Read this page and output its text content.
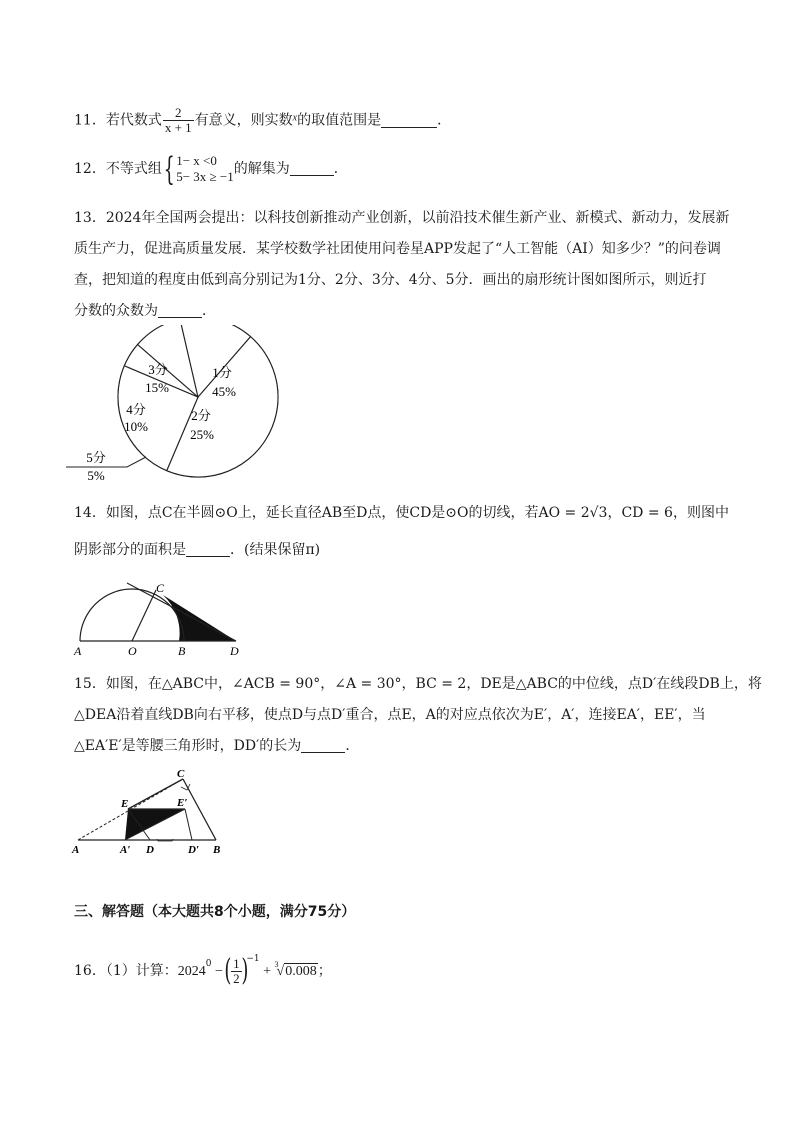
11．若代数式 $\frac{2}{x + 1}$ 有意义，则实数$^x$的取值范围是	．
12．不等式组{ 1− x <0
5− 3x ≥ −1 的解集为	．
13．2024年全国两会提出：以科技创新推动产业创新，以前沿技术催生新产业、新模式、新动力，发展新
质生产力，促进高质量发展．某学校数学社团使用问卷星APP发起了“人工智能（AI）知多少？”的问卷调
查，把知道的程度由低到高分别记为1分、2分、3分、4分、5分．画出的扇形统计图如图所示，则近打
分数的众数为	．
1分
45%
2分
25%
3分
15%
4分
10%
5分
5%
14．如图，点C在半圆⊙O上，延长直径AB至D点，使CD是⊙O的切线，若AO = 2√3，CD = 6，则图中
阴影部分的面积是	．(结果保留π)
A	O	B	D
C
15．如图，在△ABC中，∠ACB = 90°，∠A = 30°，BC = 2，DE是△ABC的中位线，点D′在线段DB上，将
△DEA沿着直线DB向右平移，使点D与点D′重合，点E，A的对应点依次为E′，A′，连接EA′，EE′，当
△EA′E′是等腰三角形时，DD′的长为	．
A	A′ D	D′ B
E	E′
C
三、解答题（本大题共8个小题，满分75分）
16．（1）计算：$2024^0$ − ( $\frac{1}{2} )^{-1} + ^3√0.008$；
